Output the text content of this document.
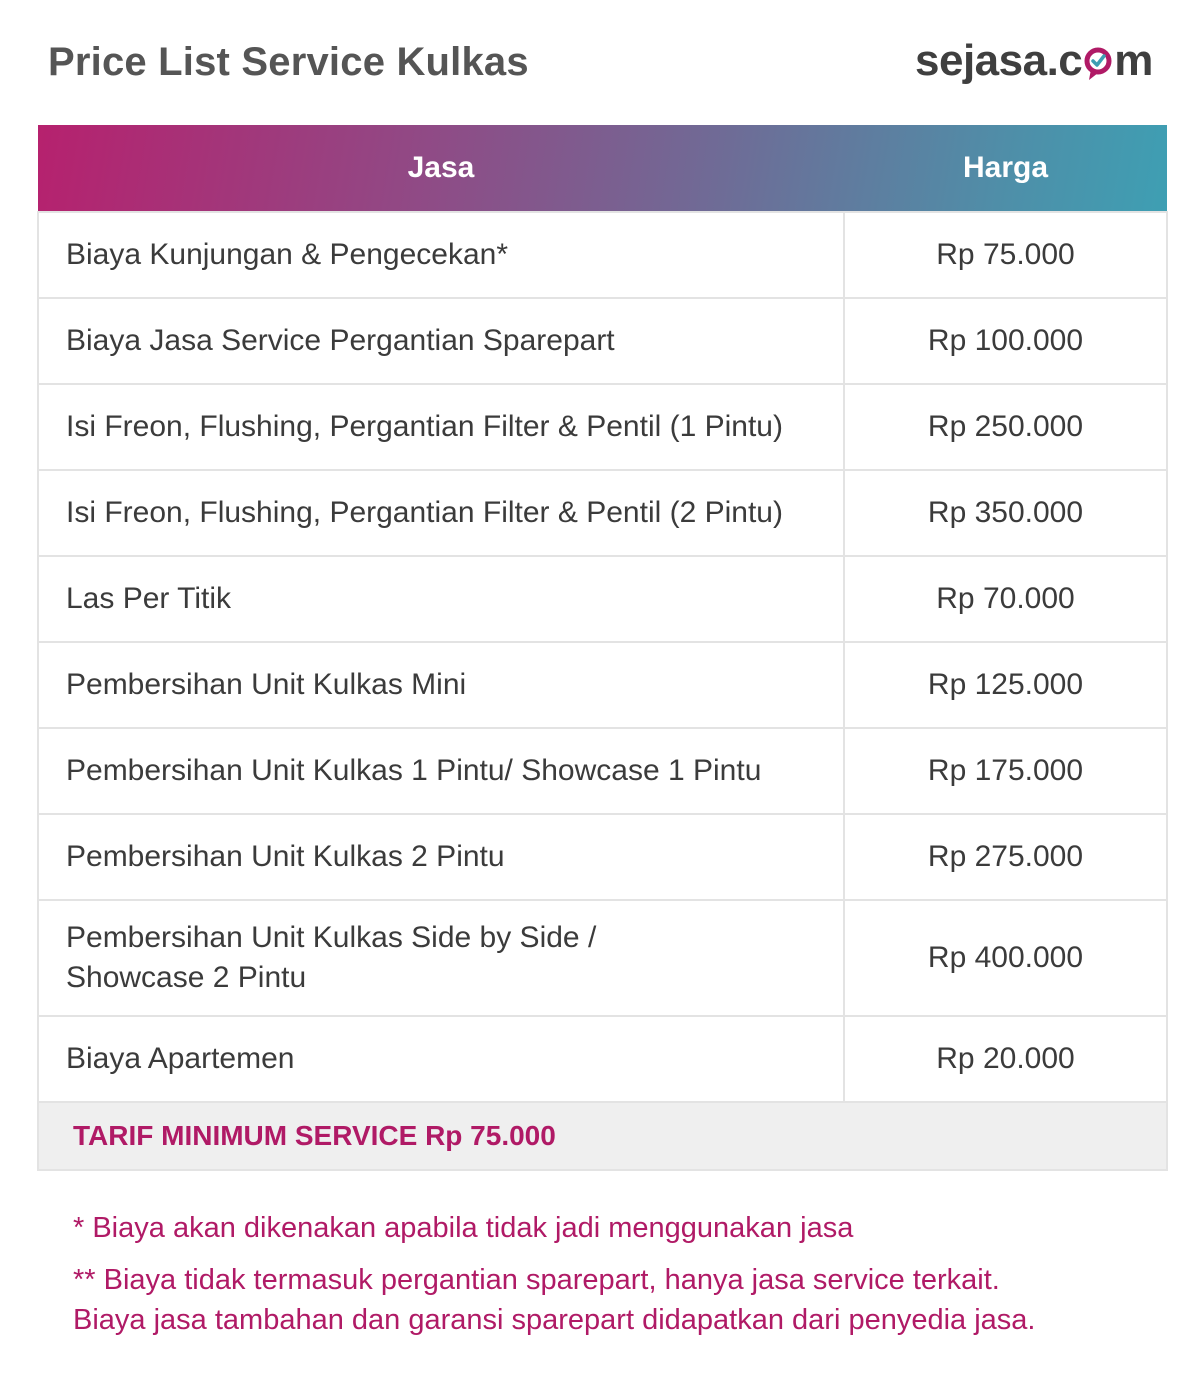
Price List Service Kulkas	sejasa.c m
Jasa	Harga
Biaya Kunjungan & Pengecekan*	Rp 75.000
Biaya Jasa Service Pergantian Sparepart	Rp 100.000
Isi Freon, Flushing, Pergantian Filter & Pentil (1 Pintu)	Rp 250.000
Isi Freon, Flushing, Pergantian Filter & Pentil (2 Pintu)	Rp 350.000
Las Per Titik	Rp 70.000
Pembersihan Unit Kulkas Mini	Rp 125.000
Pembersihan Unit Kulkas 1 Pintu/ Showcase 1 Pintu	Rp 175.000
Pembersihan Unit Kulkas 2 Pintu	Rp 275.000

Pembersihan Unit Kulkas Side by Side /
Showcase 2 Pintu	Rp 400.000
Biaya Apartemen	Rp 20.000
TARIF MINIMUM SERVICE Rp 75.000	
* Biaya akan dikenakan apabila tidak jadi menggunakan jasa
** Biaya tidak termasuk pergantian sparepart, hanya jasa service terkait.
Biaya jasa tambahan dan garansi sparepart didapatkan dari penyedia jasa.
